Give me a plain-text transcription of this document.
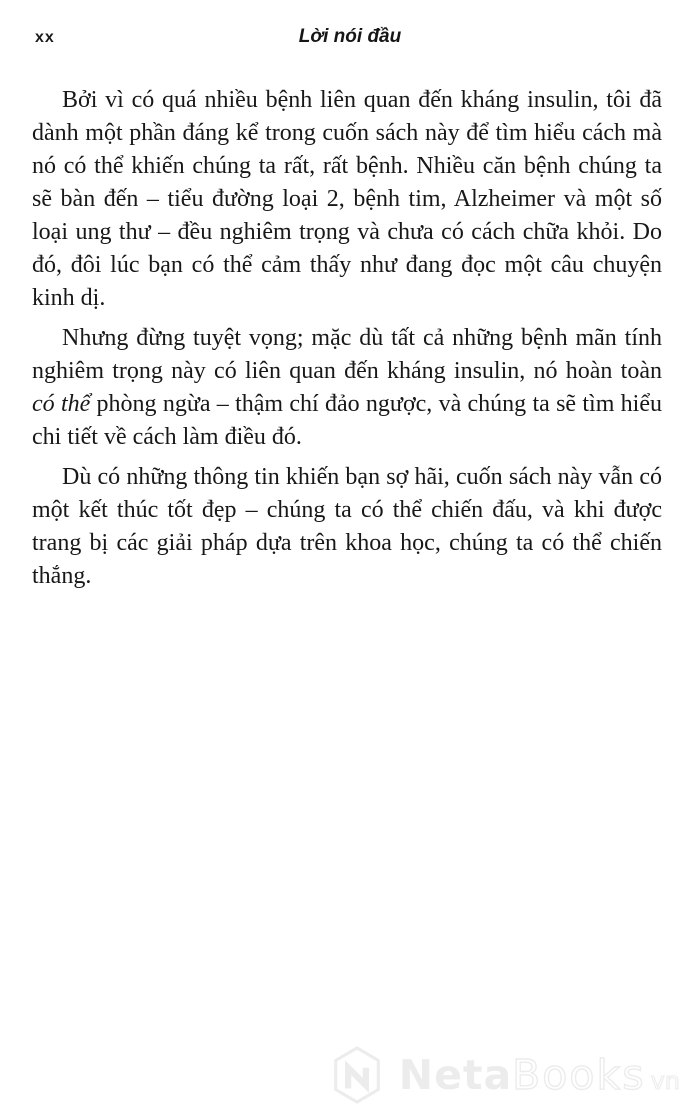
xx	Lời nói đầu

Bởi vì có quá nhiều bệnh liên quan đến kháng insulin, tôi đã dành một phần đáng kể trong cuốn sách này để tìm hiểu cách mà nó có thể khiến chúng ta rất, rất bệnh. Nhiều căn bệnh chúng ta sẽ bàn đến – tiểu đường loại 2, bệnh tim, Alzheimer và một số loại ung thư – đều nghiêm trọng và chưa có cách chữa khỏi. Do đó, đôi lúc bạn có thể cảm thấy như đang đọc một câu chuyện kinh dị.

Nhưng đừng tuyệt vọng; mặc dù tất cả những bệnh mãn tính nghiêm trọng này có liên quan đến kháng insulin, nó hoàn toàn có thể phòng ngừa – thậm chí đảo ngược, và chúng ta sẽ tìm hiểu chi tiết về cách làm điều đó.

Dù có những thông tin khiến bạn sợ hãi, cuốn sách này vẫn có một kết thúc tốt đẹp – chúng ta có thể chiến đấu, và khi được trang bị các giải pháp dựa trên khoa học, chúng ta có thể chiến thắng.

NetaBooks vn
